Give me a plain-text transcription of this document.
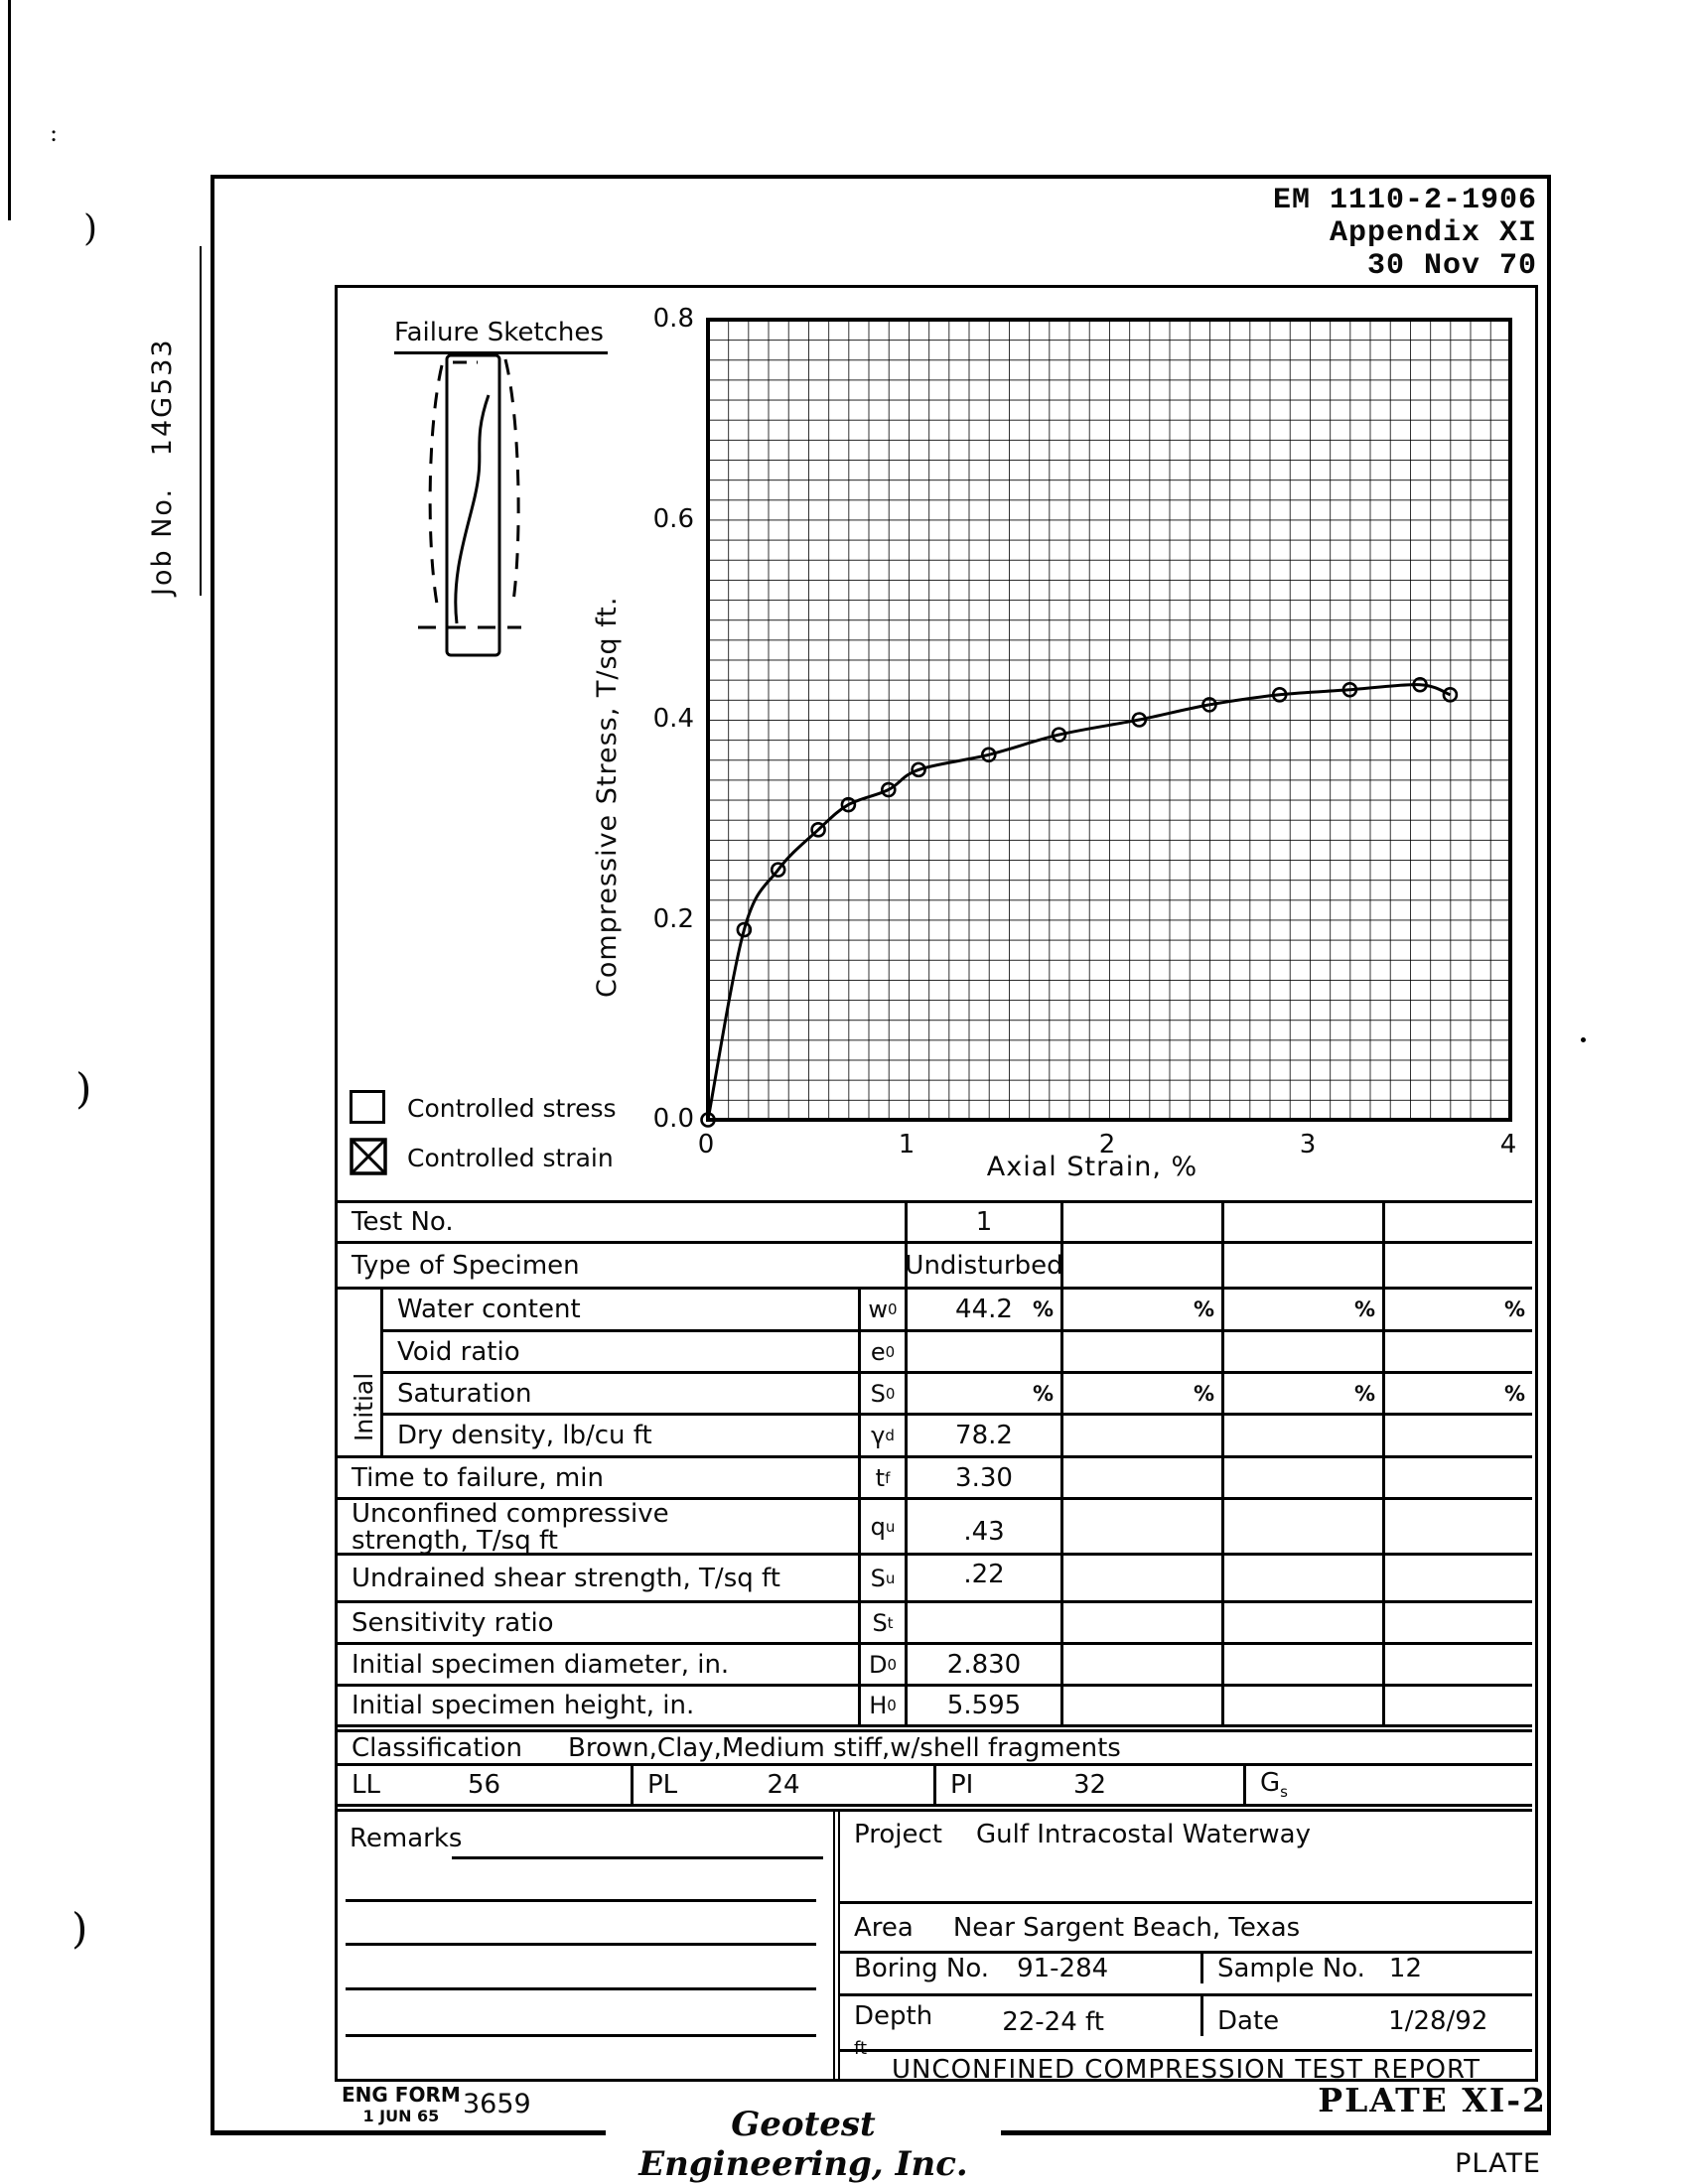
:
)
)
)
Job No.   14G533
EM 1110-2-1906
Appendix XI
30 Nov 70
Failure Sketches
Compressive Stress, T/sq ft.
Axial Strain, %
Controlled stress
Controlled strain
Test No.	1
Type of Specimen	Undisturbed
Initial
Water content	w 0 44.2 %	%	%	%
Void ratio	e 0
Saturation	S 0	%	%	%	%
Dry density, lb/cu ft	γ d	78.2
Time to failure, min	t f	3.30
Unconfined compressive
strength, T/sq ft	q u	.43
Undrained shear strength, T/sq ft	S u	.22
Sensitivity ratio	S t
Initial specimen diameter, in.	D 0	2.830
Initial specimen height, in.	H 0	5.595
Classification Brown,Clay,Medium stiff,w/shell fragments
LL	56	PL	24	PI	32	$G_s$
Remarks	Project Gulf Intracostal Waterway
Area Near Sargent Beach, Texas
Boring No. 91-284	Sample No. 12
Depth
ft
22-24 ft	Date	1/28/92
UNCONFINED COMPRESSION TEST REPORT
ENG FORM
1 JUN 65 3659
Geotest Engineering, Inc.
PLATE XI-2
PLATE
0.0
0.2
0.4
0.6
0.8
0	1	2	3	4
